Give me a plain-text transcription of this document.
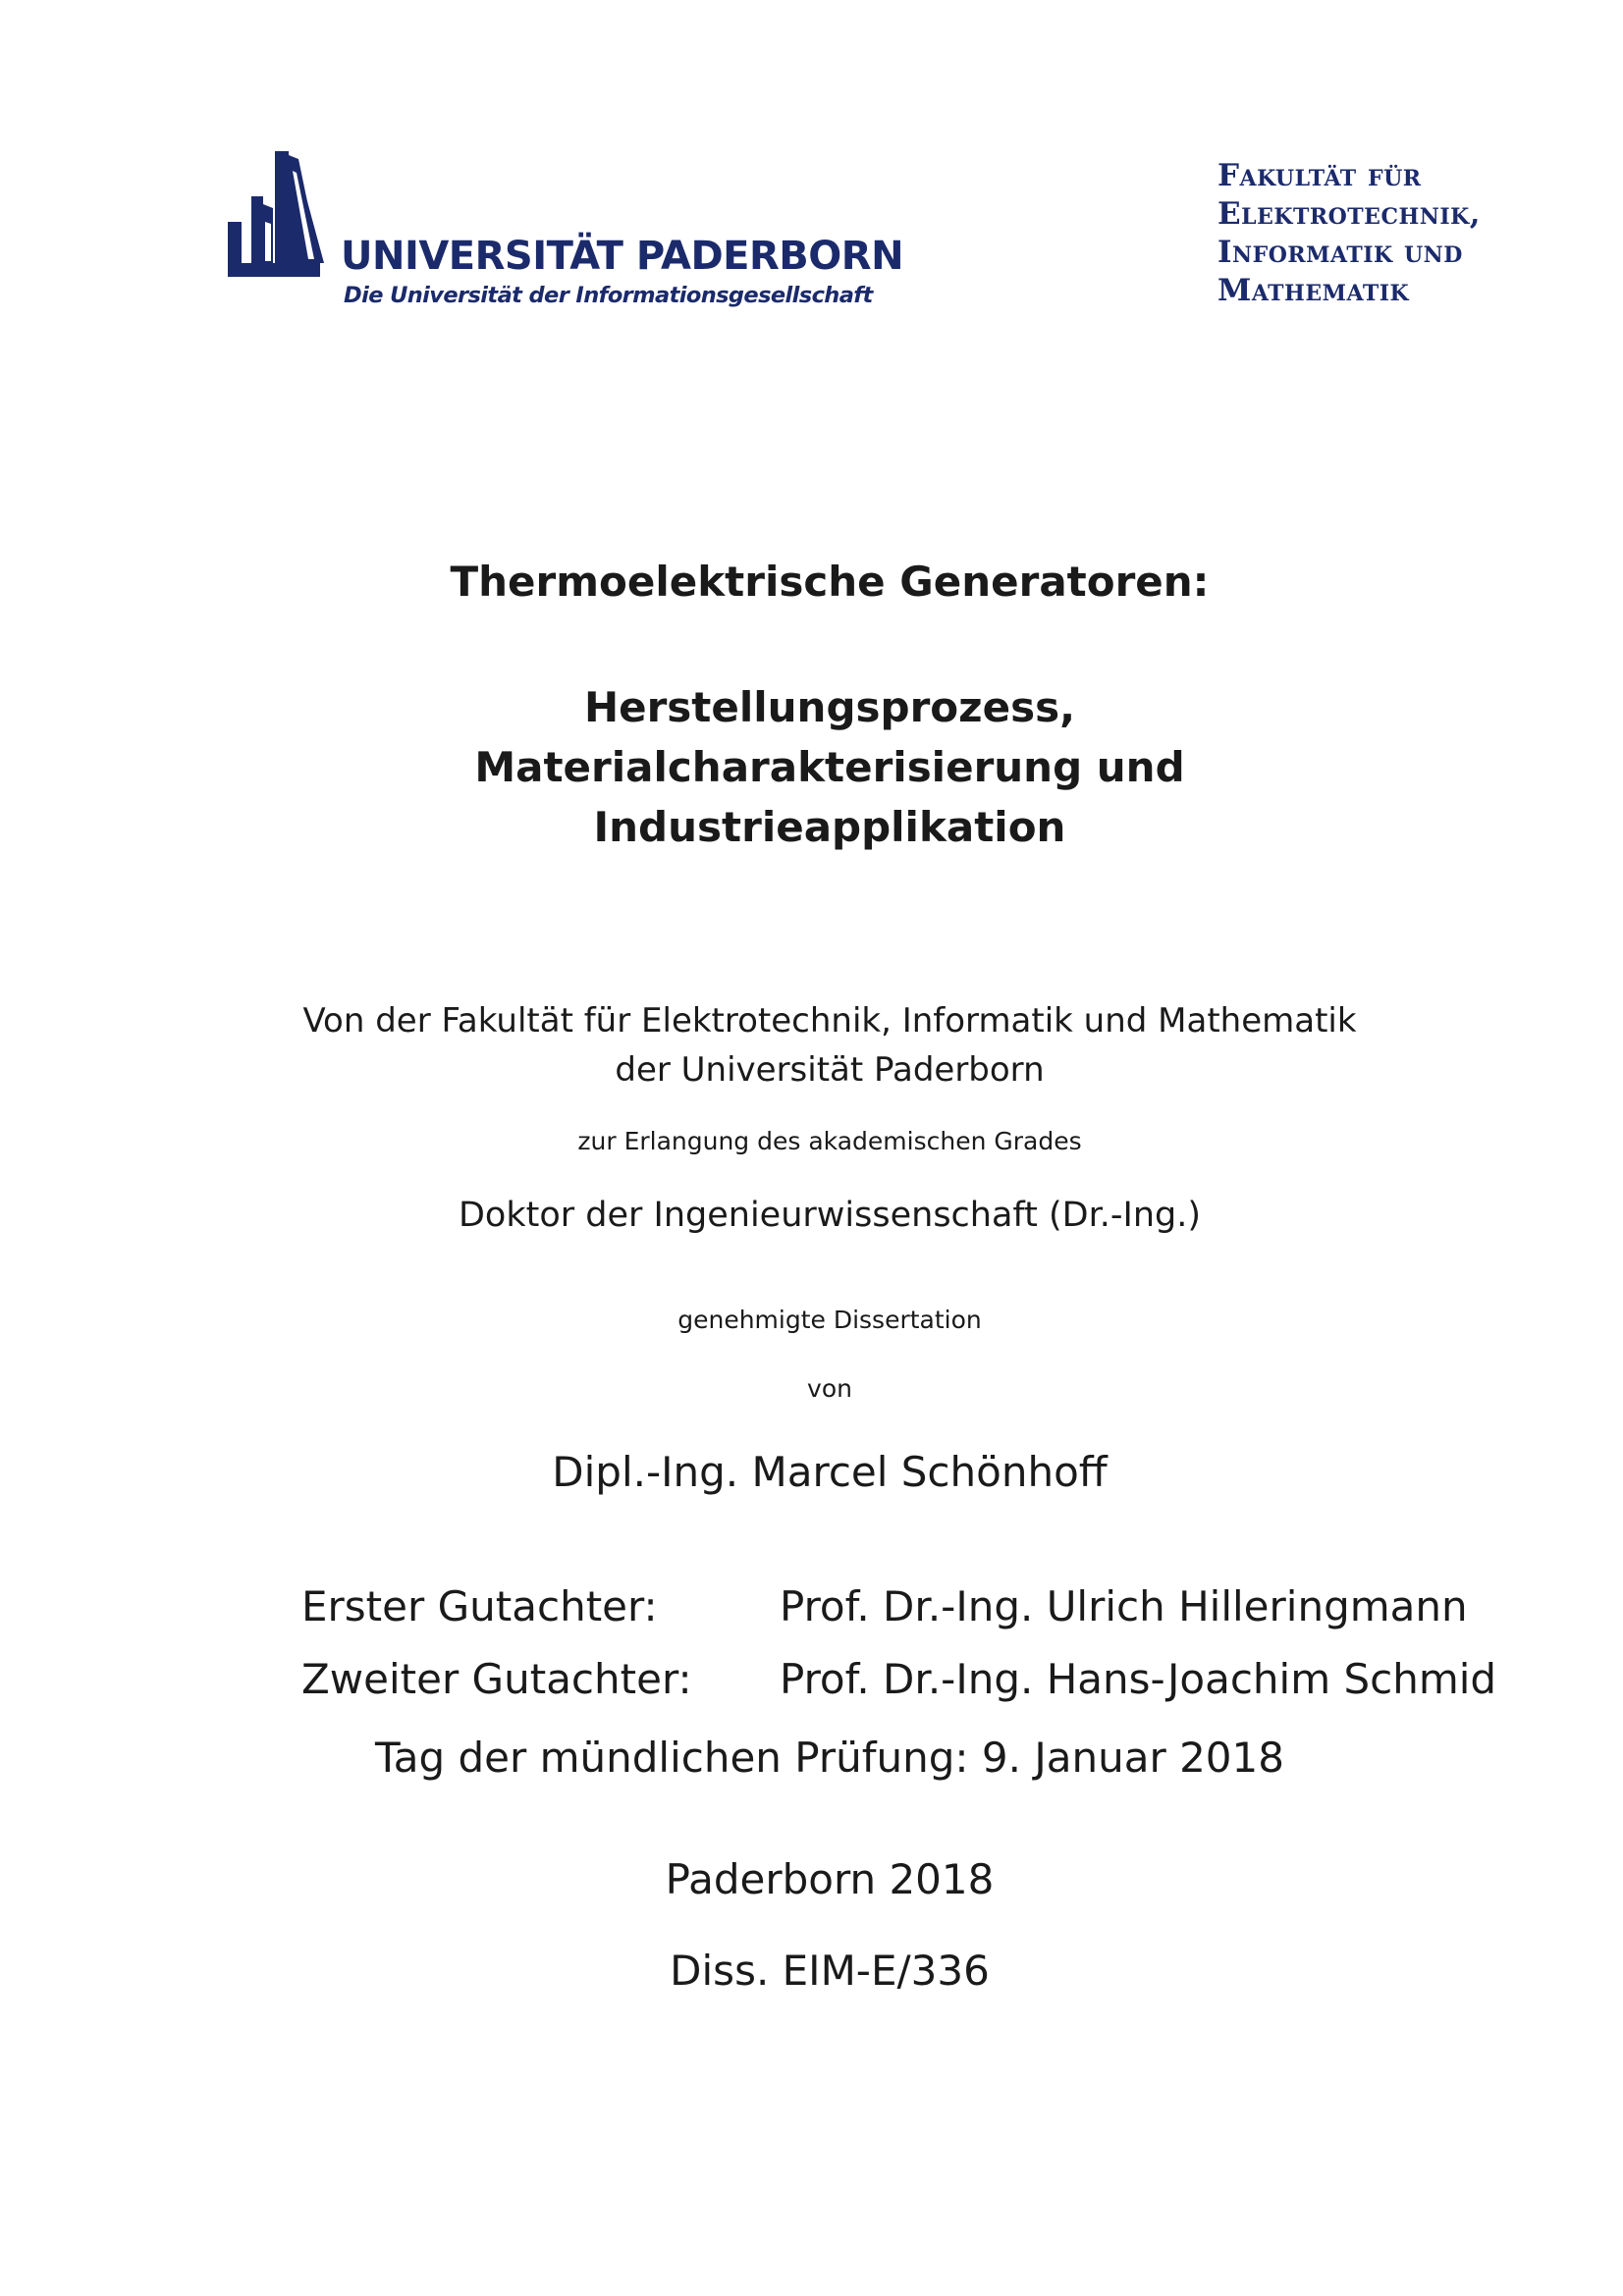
UNIVERSITÄT PADERBORN
Die Universität der Informationsgesellschaft
Fakultät für
Elektrotechnik,
Informatik und
Mathematik
Thermoelektrische Generatoren:
Herstellungsprozess,
Materialcharakterisierung und
Industrieapplikation
Von der Fakultät für Elektrotechnik, Informatik und Mathematik
der Universität Paderborn
zur Erlangung des akademischen Grades
Doktor der Ingenieurwissenschaft (Dr.-Ing.)
genehmigte Dissertation
von
Dipl.-Ing. Marcel Schönhoff
Erster Gutachter:	Prof. Dr.-Ing. Ulrich Hilleringmann
Zweiter Gutachter: Prof. Dr.-Ing. Hans-Joachim Schmid
Tag der mündlichen Prüfung: 9. Januar 2018
Paderborn 2018
Diss. EIM-E/336
